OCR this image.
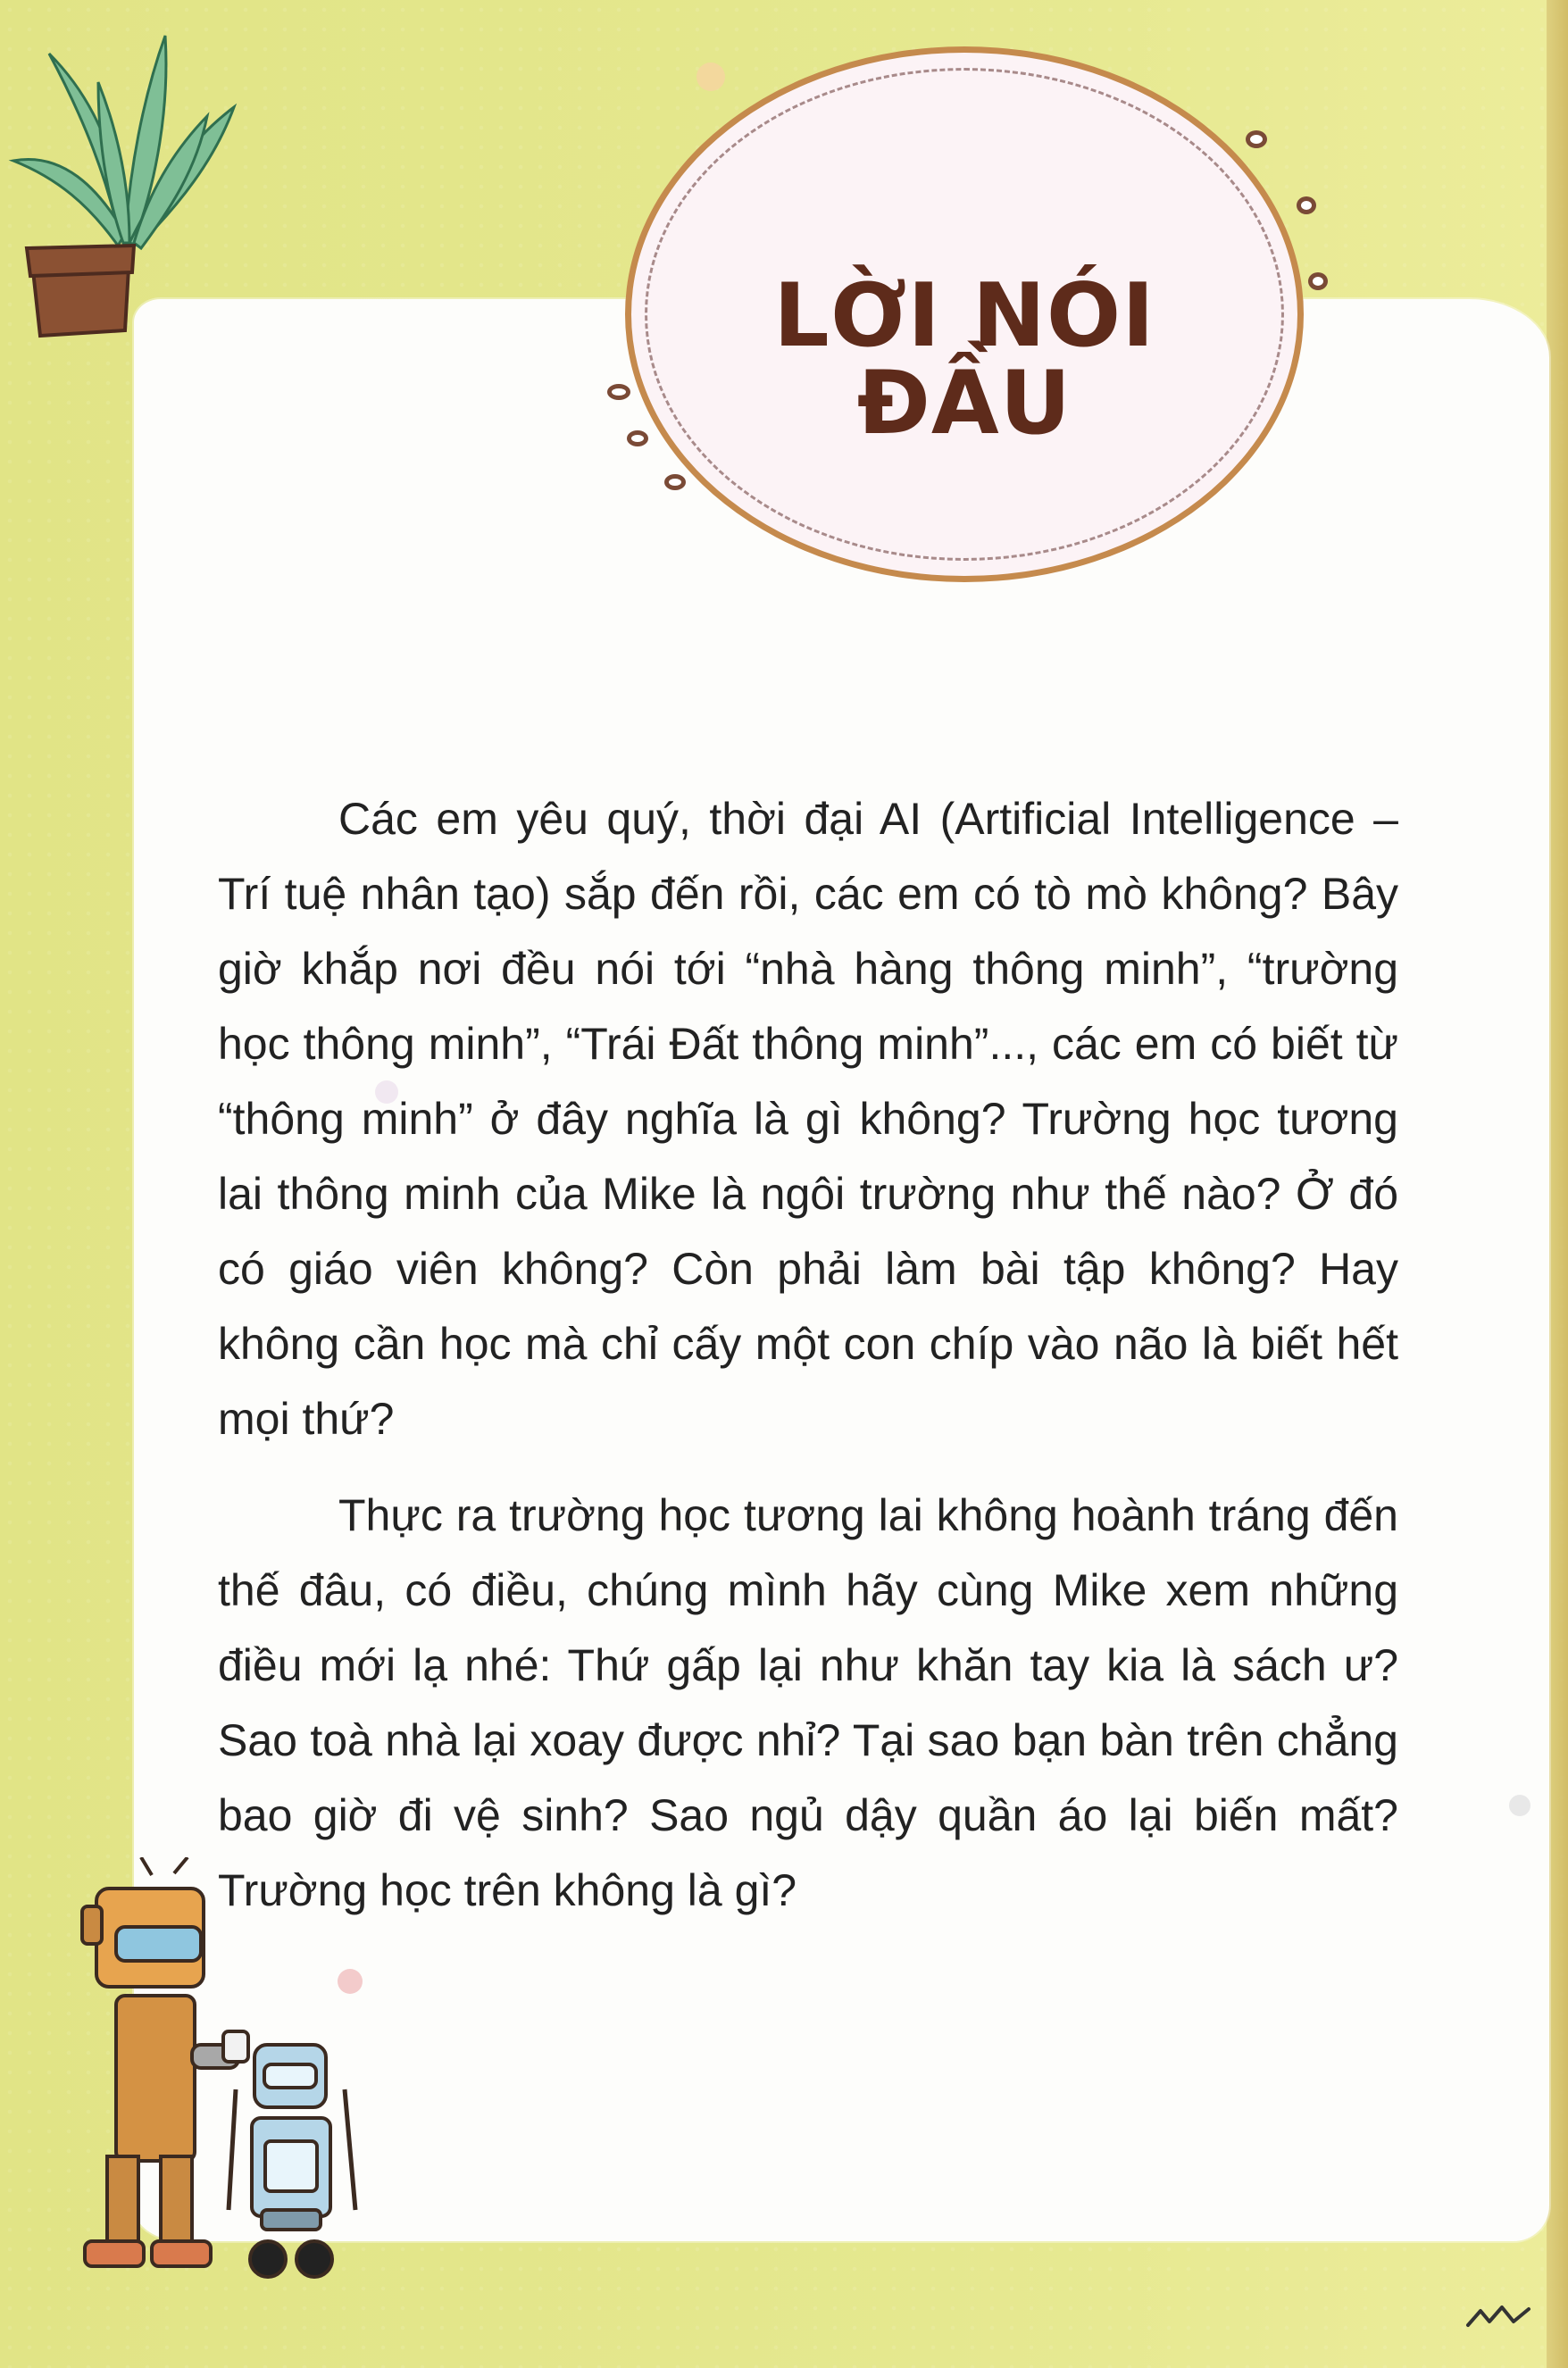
LỜI NÓI ĐẦU

Các em yêu quý, thời đại AI (Artificial Intelligence – Trí tuệ nhân tạo) sắp đến rồi, các em có tò mò không? Bây giờ khắp nơi đều nói tới “nhà hàng thông minh”, “trường học thông minh”, “Trái Đất thông minh”..., các em có biết từ “thông minh” ở đây nghĩa là gì không? Trường học tương lai thông minh của Mike là ngôi trường như thế nào? Ở đó có giáo viên không? Còn phải làm bài tập không? Hay không cần học mà chỉ cấy một con chíp vào não là biết hết mọi thứ?

Thực ra trường học tương lai không hoành tráng đến thế đâu, có điều, chúng mình hãy cùng Mike xem những điều mới lạ nhé: Thứ gấp lại như khăn tay kia là sách ư? Sao toà nhà lại xoay được nhỉ? Tại sao bạn bàn trên chẳng bao giờ đi vệ sinh? Sao ngủ dậy quần áo lại biến mất? Trường học trên không là gì?
